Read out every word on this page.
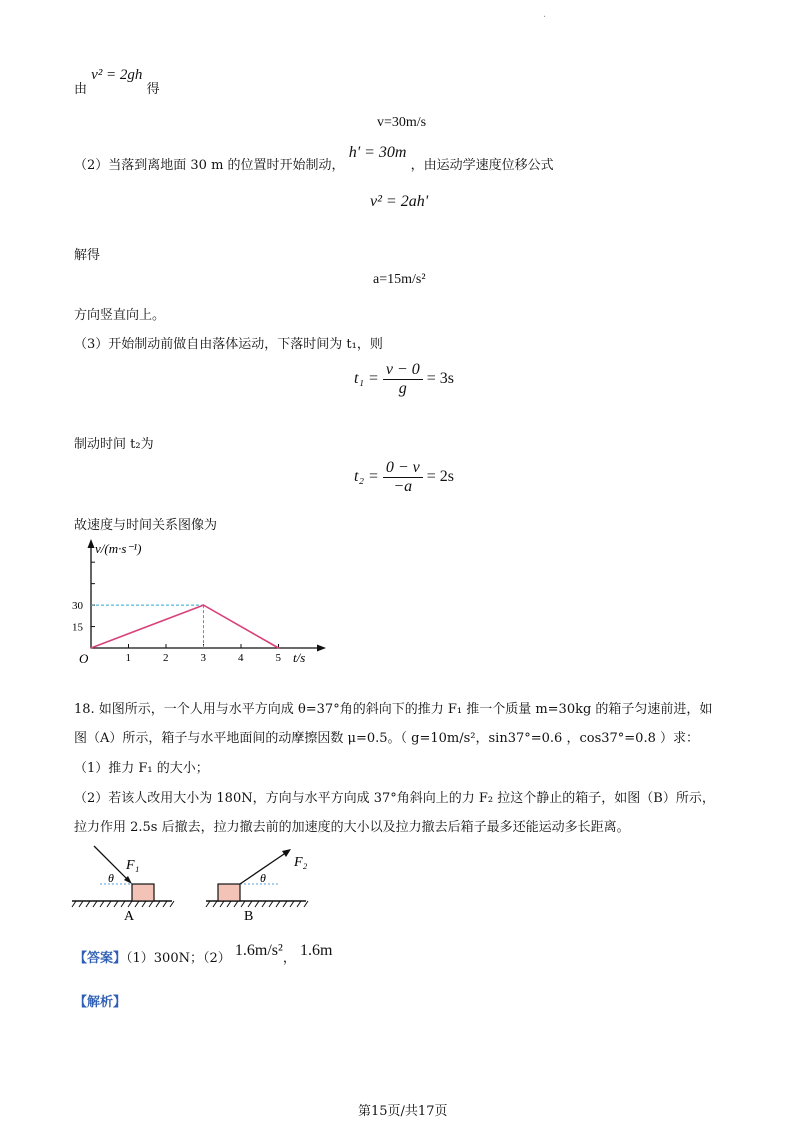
·
由 v² = 2gh 得
v=30m/s
（2）当落到离地面 30 m 的位置时开始制动， h' = 30m ，由运动学速度位移公式
v² = 2ah'
解得
a=15m/s²
方向竖直向上。
（3）开始制动前做自由落体运动，下落时间为 t₁，则
$t_1 = \frac{v - 0}{g} = 3s$
制动时间 t₂为
$t_2 = \frac{0 - v}{-a} = 2s$
故速度与时间关系图像为
v/(m·s⁻¹)
t/s
O	1	2	3	4	5
15
30
18. 如图所示，一个人用与水平方向成 θ=37°角的斜向下的推力 F₁ 推一个质量 m=30kg 的箱子匀速前进，如
图（A）所示，箱子与水平地面间的动摩擦因数 μ=0.5。（ g=10m/s²，sin37°=0.6 ，cos37°=0.8 ）求：
（1）推力 F₁ 的大小；
（2）若该人改用大小为 180N，方向与水平方向成 37°角斜向上的力 F₂ 拉这个静止的箱子，如图（B）所示，
拉力作用 2.5s 后撤去，拉力撤去前的加速度的大小以及拉力撤去后箱子最多还能运动多长距离。
F₁
θ
A
F₂
θ
B
【答案】（1）300N；（2） 1.6m/s²， 1.6m
【解析】
第15页/共17页
